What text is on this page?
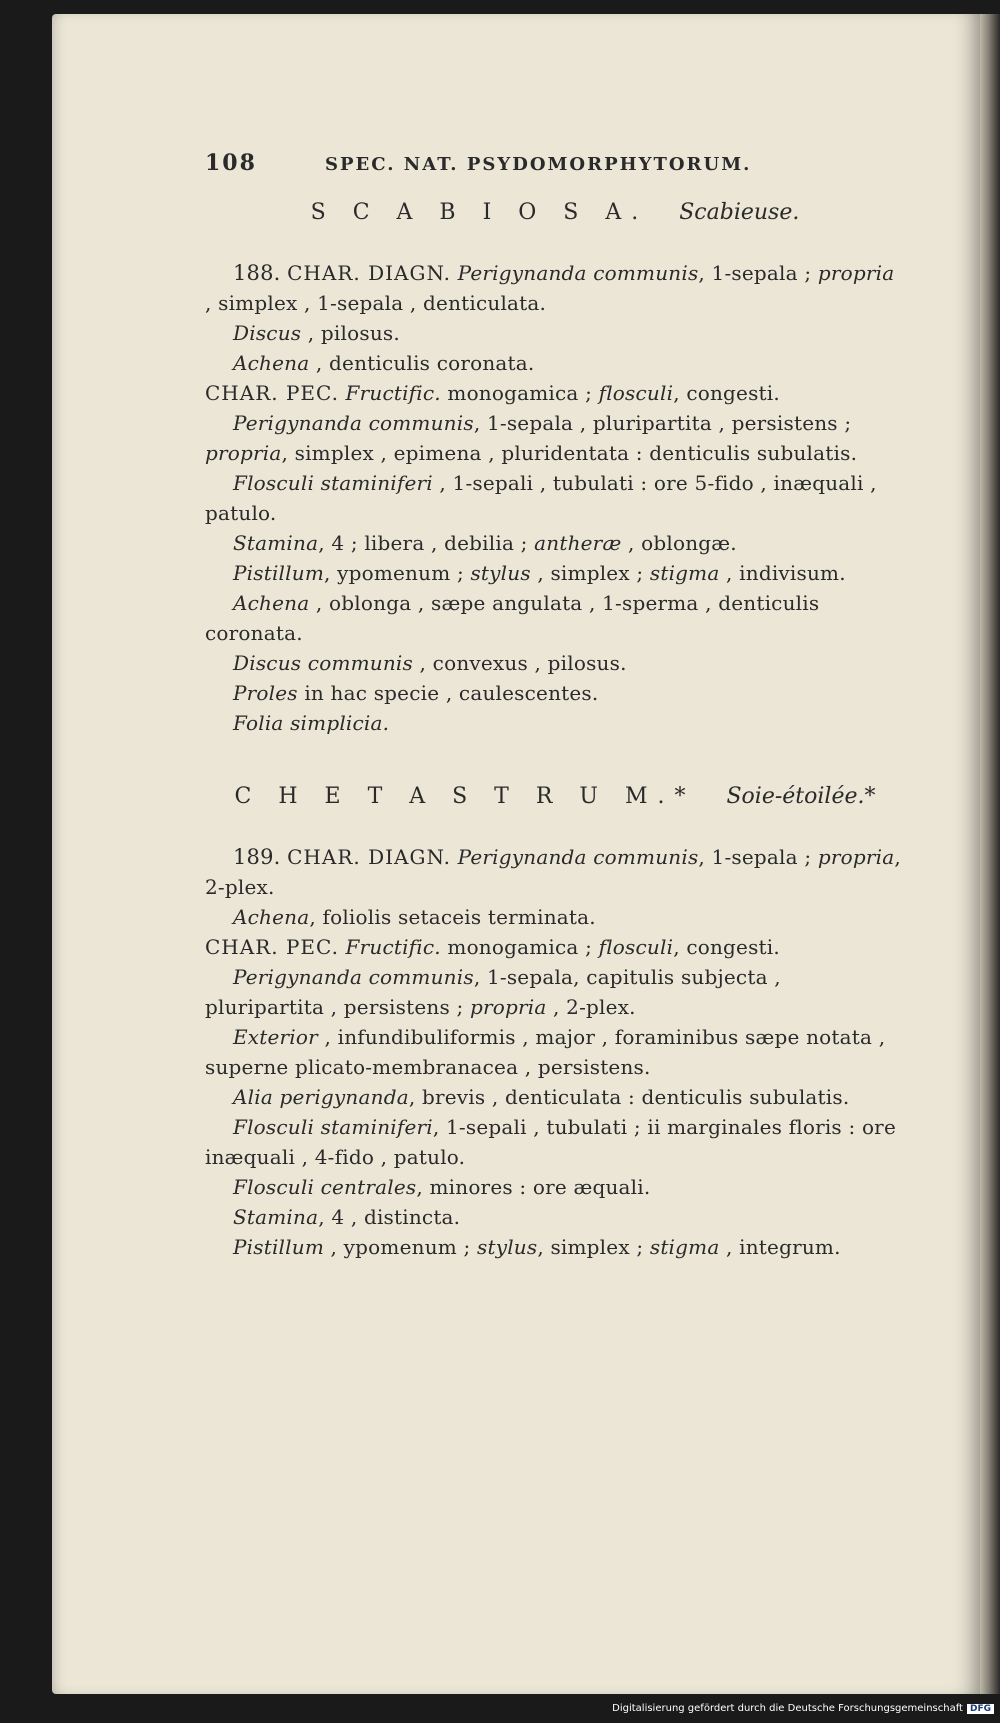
108	SPEC. NAT. PSYDOMORPHYTORUM.
S C A B I O S A. Scabieuse.

188. CHAR. DIAGN. Perigynanda communis, 1-sepala ; propria , simplex , 1-sepala , denticulata.

Discus , pilosus.

Achena , denticulis coronata.

CHAR. PEC. Fructific. monogamica ; flosculi, congesti.

Perigynanda communis, 1-sepala , pluripartita , persistens ; propria, simplex , epimena , pluridentata : denticulis subulatis.

Flosculi staminiferi , 1-sepali , tubulati : ore 5-fido , inæquali , patulo.

Stamina, 4 ; libera , debilia ; antheræ , oblongæ.

Pistillum, ypomenum ; stylus , simplex ; stigma , indivisum.

Achena , oblonga , sæpe angulata , 1-sperma , denticulis coronata.

Discus communis , convexus , pilosus.

Proles in hac specie , caulescentes.

Folia simplicia.

C H E T A S T R U M.* Soie-étoilée.*

189. CHAR. DIAGN. Perigynanda communis, 1-sepala ; propria, 2-plex.

Achena, foliolis setaceis terminata.

CHAR. PEC. Fructific. monogamica ; flosculi, congesti.

Perigynanda communis, 1-sepala, capitulis subjecta , pluripartita , persistens ; propria , 2-plex.

Exterior , infundibuliformis , major , foraminibus sæpe notata , superne plicato-membranacea , persistens.

Alia perigynanda, brevis , denticulata : denticulis subulatis.

Flosculi staminiferi, 1-sepali , tubulati ; ii marginales floris : ore inæquali , 4-fido , patulo.

Flosculi centrales, minores : ore æquali.

Stamina, 4 , distincta.

Pistillum , ypomenum ; stylus, simplex ; stigma , integrum.

Digitalisierung gefördert durch die Deutsche Forschungsgemeinschaft DFG
